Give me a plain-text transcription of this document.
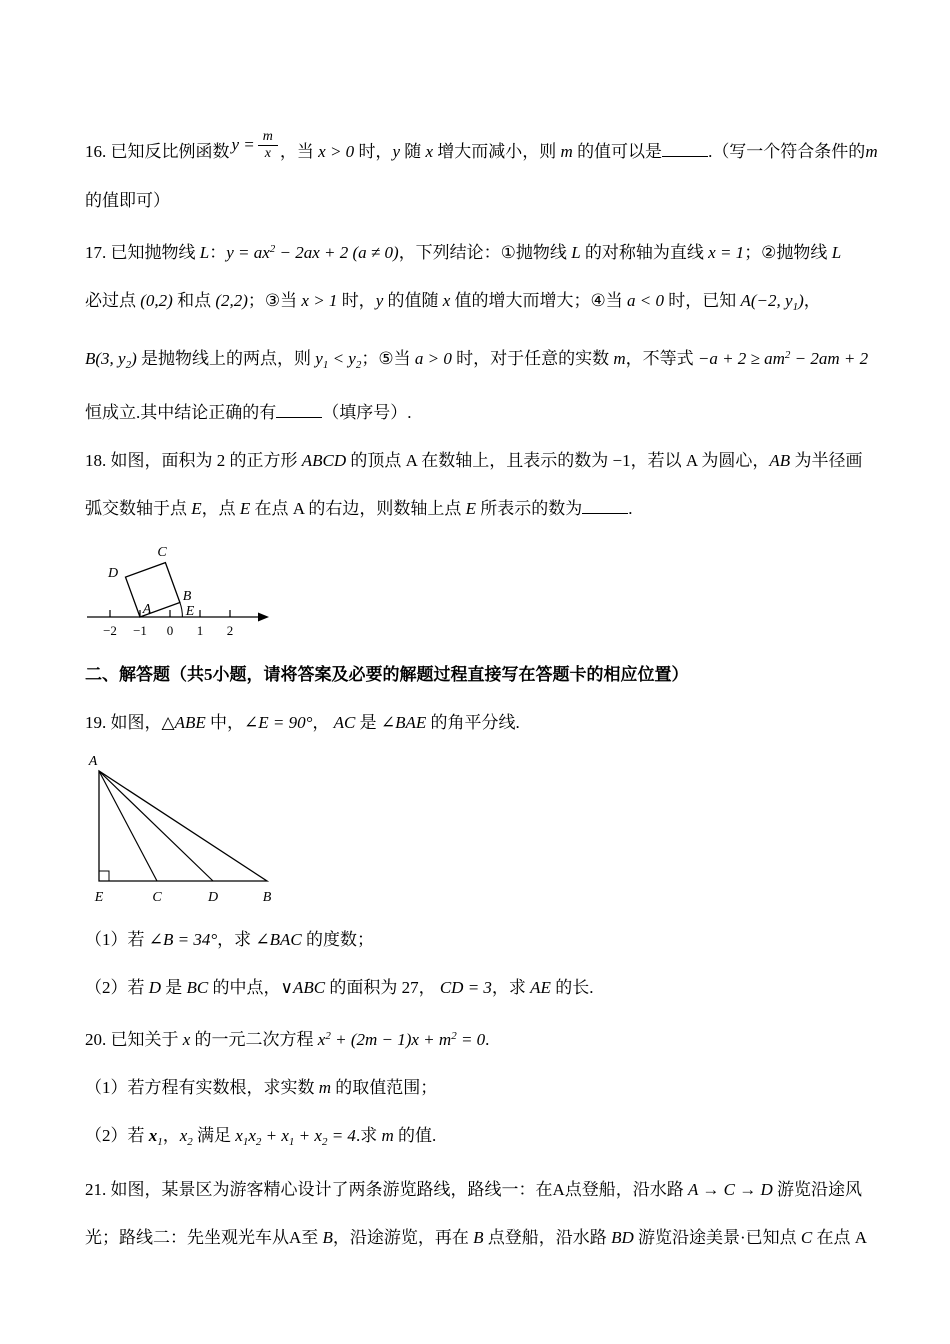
16. 已知反比例函数 $y = \frac{m}{x}$ ，当 x > 0 时，y 随 x 增大而减小，则 m 的值可以是	.（写一个符合条件的m

的值即可）

17. 已知抛物线 L：$y = ax^2 - 2ax + 2$ (a ≠ 0)，下列结论：①抛物线 L 的对称轴为直线 x = 1；②抛物线 L

必过点 (0,2) 和点 (2,2)；③当 x > 1 时，y 的值随 x 值的增大而增大；④当 a < 0 时，已知 A(−2, $y_1$)，

B(3, $y_2$) 是抛物线上的两点，则 $y_1 < y_2$；⑤当 a > 0 时，对于任意的实数 m，不等式 $-a + 2 \ge am^2 - 2am + 2$

恒成立.其中结论正确的有	（填序号）.

18. 如图，面积为 2 的正方形 ABCD 的顶点 A 在数轴上，且表示的数为 −1，若以 A 为圆心，AB 为半径画

弧交数轴于点 E，点 E 在点 A 的右边，则数轴上点 E 所表示的数为	.

D
C
B
A E
−2 −1 0 1 2

二、解答题（共5小题，请将答案及必要的解题过程直接写在答题卡的相应位置）

19. 如图，△ABE 中，∠E = 90°， AC 是 ∠BAE 的角平分线.

A
E	C	D	B

（1）若 ∠B = 34°，求 ∠BAC 的度数；

（2）若 D 是 BC 的中点，∨ABC 的面积为 27， CD = 3，求 AE 的长.

20. 已知关于 x 的一元二次方程 $x^2 + (2m - 1)x + m^2 = 0$.

（1）若方程有实数根，求实数 m 的取值范围；

（2）若 $x_1$，$x_2$ 满足 $x_1x_2 + x_1 + x_2 = 4$.求 m 的值.

21. 如图，某景区为游客精心设计了两条游览路线，路线一：在A点登船，沿水路 A → C → D 游览沿途风

光；路线二：先坐观光车从A至 B，沿途游览，再在 B 点登船，沿水路 BD 游览沿途美景·已知点 C 在点 A
